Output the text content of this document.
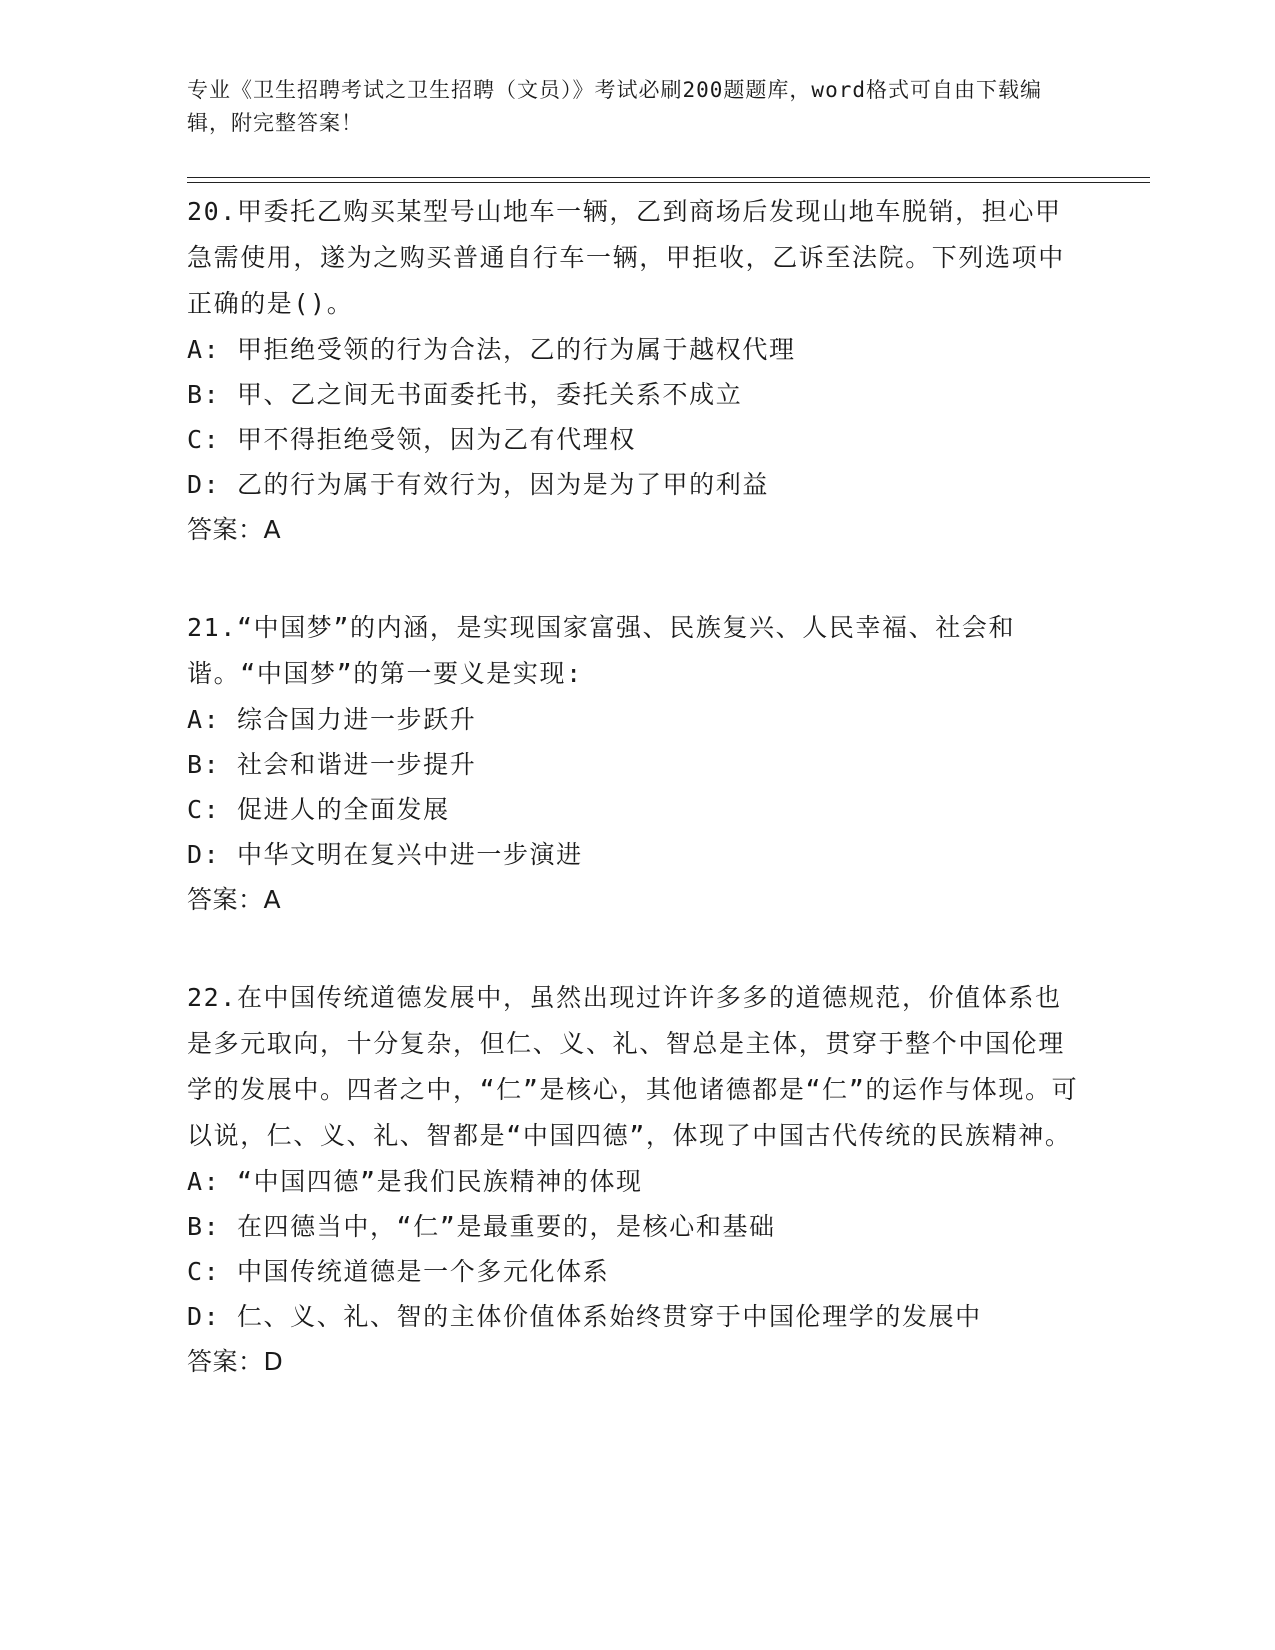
专业《卫生招聘考试之卫生招聘（文员）》考试必刷200题题库，word格式可自由下载编辑，附完整答案！
20.甲委托乙购买某型号山地车一辆，乙到商场后发现山地车脱销，担心甲急需使用，遂为之购买普通自行车一辆，甲拒收，乙诉至法院。下列选项中正确的是()。
A: 甲拒绝受领的行为合法，乙的行为属于越权代理
B: 甲、乙之间无书面委托书，委托关系不成立
C: 甲不得拒绝受领，因为乙有代理权
D: 乙的行为属于有效行为，因为是为了甲的利益
答案：A
21.“中国梦”的内涵，是实现国家富强、民族复兴、人民幸福、社会和谐。“中国梦”的第一要义是实现:
A: 综合国力进一步跃升
B: 社会和谐进一步提升
C: 促进人的全面发展
D: 中华文明在复兴中进一步演进
答案：A
22.在中国传统道德发展中，虽然出现过许许多多的道德规范，价值体系也是多元取向，十分复杂，但仁、义、礼、智总是主体，贯穿于整个中国伦理学的发展中。四者之中，“仁”是核心，其他诸德都是“仁”的运作与体现。可以说，仁、义、礼、智都是“中国四德”，体现了中国古代传统的民族精神。
A: “中国四德”是我们民族精神的体现
B: 在四德当中，“仁”是最重要的，是核心和基础
C: 中国传统道德是一个多元化体系
D: 仁、义、礼、智的主体价值体系始终贯穿于中国伦理学的发展中
答案：D
